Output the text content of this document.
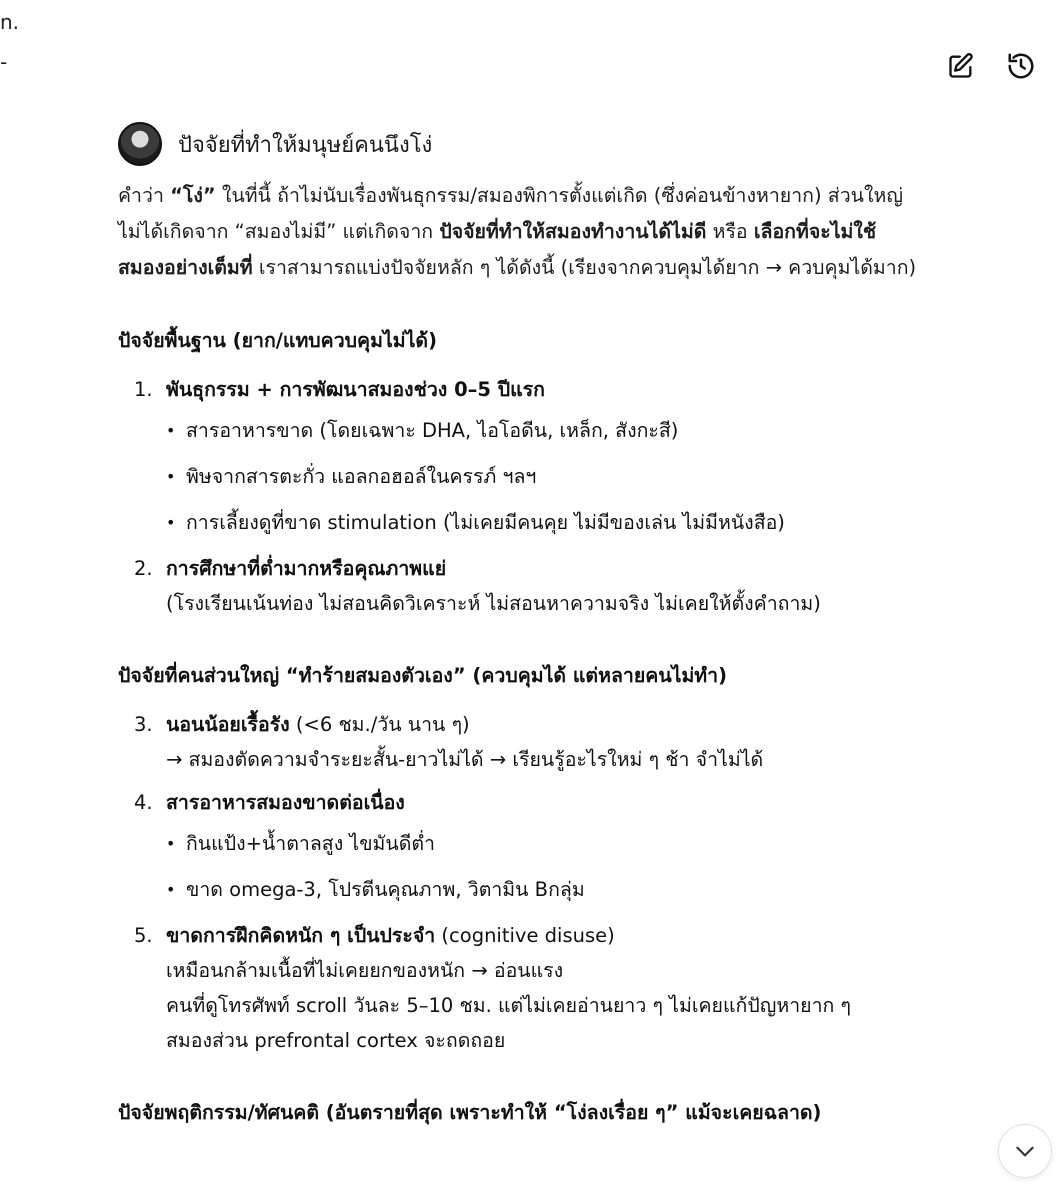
n.
-
ปัจจัยที่ทำให้มนุษย์คนนึงโง่

คำว่า “โง่” ในที่นี้ ถ้าไม่นับเรื่องพันธุกรรม/สมองพิการตั้งแต่เกิด (ซึ่งค่อนข้างหายาก) ส่วนใหญ่ไม่ได้เกิดจาก “สมองไม่มี” แต่เกิดจาก ปัจจัยที่ทำให้สมองทำงานได้ไม่ดี หรือ เลือกที่จะไม่ใช้สมองอย่างเต็มที่ เราสามารถแบ่งปัจจัยหลัก ๆ ได้ดังนี้ (เรียงจากควบคุมได้ยาก → ควบคุมได้มาก)

ปัจจัยพื้นฐาน (ยาก/แทบควบคุมไม่ได้)
1. พันธุกรรม + การพัฒนาสมองช่วง 0–5 ปีแรก
• สารอาหารขาด (โดยเฉพาะ DHA, ไอโอดีน, เหล็ก, สังกะสี)
• พิษจากสารตะกั่ว แอลกอฮอล์ในครรภ์ ฯลฯ
• การเลี้ยงดูที่ขาด stimulation (ไม่เคยมีคนคุย ไม่มีของเล่น ไม่มีหนังสือ)
2. การศึกษาที่ต่ำมากหรือคุณภาพแย่
(โรงเรียนเน้นท่อง ไม่สอนคิดวิเคราะห์ ไม่สอนหาความจริง ไม่เคยให้ตั้งคำถาม)
ปัจจัยที่คนส่วนใหญ่ “ทำร้ายสมองตัวเอง” (ควบคุมได้ แต่หลายคนไม่ทำ)
3. นอนน้อยเรื้อรัง (<6 ชม./วัน นาน ๆ)
→ สมองตัดความจำระยะสั้น-ยาวไม่ได้ → เรียนรู้อะไรใหม่ ๆ ช้า จำไม่ได้
4. สารอาหารสมองขาดต่อเนื่อง
• กินแป้ง+น้ำตาลสูง ไขมันดีต่ำ
• ขาด omega-3, โปรตีนคุณภาพ, วิตามิน Bกลุ่ม
5. ขาดการฝึกคิดหนัก ๆ เป็นประจำ (cognitive disuse)
เหมือนกล้ามเนื้อที่ไม่เคยยกของหนัก → อ่อนแรง
คนที่ดูโทรศัพท์ scroll วันละ 5–10 ชม. แต่ไม่เคยอ่านยาว ๆ ไม่เคยแก้ปัญหายาก ๆ
สมองส่วน prefrontal cortex จะถดถอย
ปัจจัยพฤติกรรม/ทัศนคติ (อันตรายที่สุด เพราะทำให้ “โง่ลงเรื่อย ๆ” แม้จะเคยฉลาด)
